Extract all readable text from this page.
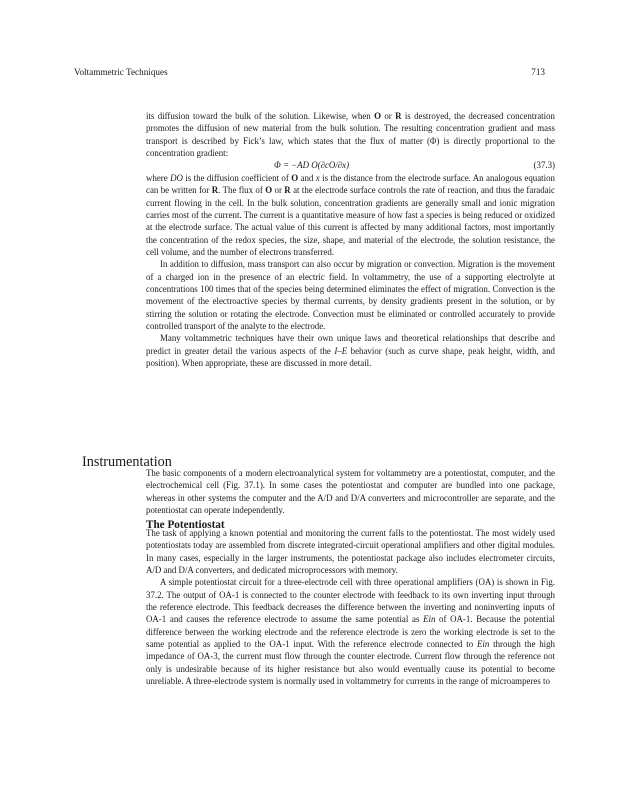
Voltammetric Techniques	713

its diffusion toward the bulk of the solution. Likewise, when O or R is destroyed, the decreased concentration promotes the diffusion of new material from the bulk solution. The resulting concentration gradient and mass transport is described by Fick’s law, which states that the flux of matter (Φ) is directly proportional to the concentration gradient:

Φ = −AD O(∂cO/∂x)	(37.3)

where DO is the diffusion coefficient of O and x is the distance from the electrode surface. An analogous equation can be written for R. The flux of O or R at the electrode surface controls the rate of reaction, and thus the faradaic current flowing in the cell. In the bulk solution, concentration gradients are generally small and ionic migration carries most of the current. The current is a quantitative measure of how fast a species is being reduced or oxidized at the electrode surface. The actual value of this current is affected by many additional factors, most importantly the concentration of the redox species, the size, shape, and material of the electrode, the solution resistance, the cell volume, and the number of electrons transferred.

In addition to diffusion, mass transport can also occur by migration or convection. Migration is the movement of a charged ion in the presence of an electric field. In voltammetry, the use of a supporting electrolyte at concentrations 100 times that of the species being determined eliminates the effect of migration. Convection is the movement of the electroactive species by thermal currents, by density gradients present in the solution, or by stirring the solution or rotating the electrode. Convection must be eliminated or controlled accurately to provide controlled transport of the analyte to the electrode.

Many voltammetric techniques have their own unique laws and theoretical relationships that describe and predict in greater detail the various aspects of the I–E behavior (such as curve shape, peak height, width, and position). When appropriate, these are discussed in more detail.

Instrumentation

The basic components of a modern electroanalytical system for voltammetry are a potentiostat, computer, and the electrochemical cell (Fig. 37.1). In some cases the potentiostat and computer are bundled into one package, whereas in other systems the computer and the A/D and D/A converters and microcontroller are separate, and the potentiostat can operate independently.

The Potentiostat

The task of applying a known potential and monitoring the current falls to the potentiostat. The most widely used potentiostats today are assembled from discrete integrated-circuit operational amplifiers and other digital modules. In many cases, especially in the larger instruments, the potentiostat package also includes electrometer circuits, A/D and D/A converters, and dedicated microprocessors with memory.

A simple potentiostat circuit for a three-electrode cell with three operational amplifiers (OA) is shown in Fig. 37.2. The output of OA-1 is connected to the counter electrode with feedback to its own inverting input through the reference electrode. This feedback decreases the difference between the inverting and noninverting inputs of OA-1 and causes the reference electrode to assume the same potential as Ein of OA-1. Because the potential difference between the working electrode and the reference electrode is zero the working electrode is set to the same potential as applied to the OA-1 input. With the reference electrode connected to Ein through the high impedance of OA-3, the current must flow through the counter electrode. Current flow through the reference not only is undesirable because of its higher resistance but also would eventually cause its potential to become unreliable. A three-electrode system is normally used in voltammetry for currents in the range of microamperes to
